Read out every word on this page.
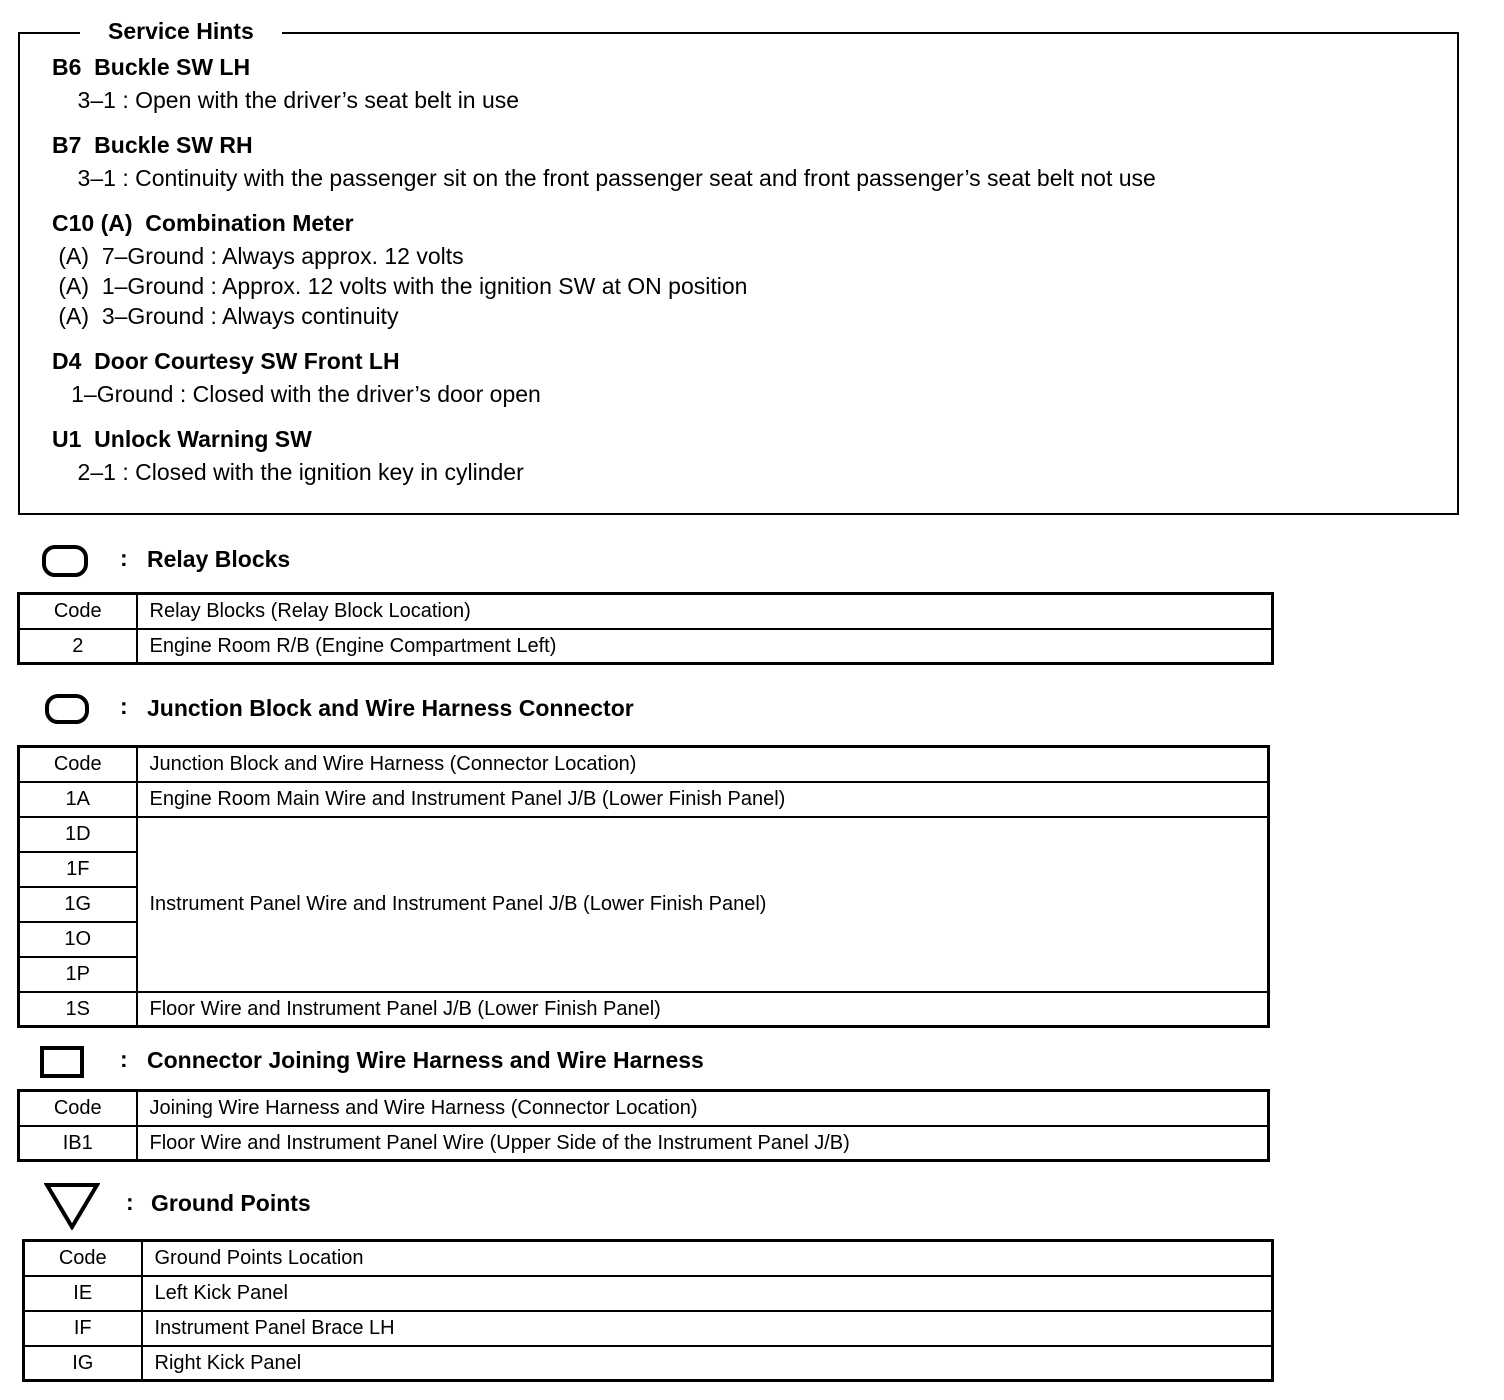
Service Hints
B6  Buckle SW LH
3–1 : Open with the driver’s seat belt in use
B7  Buckle SW RH
3–1 : Continuity with the passenger sit on the front passenger seat and front passenger’s seat belt not use
C10 (A)  Combination Meter
(A)  7–Ground : Always approx. 12 volts
(A)  1–Ground : Approx. 12 volts with the ignition SW at ON position
(A)  3–Ground : Always continuity
D4  Door Courtesy SW Front LH
1–Ground : Closed with the driver’s door open
U1  Unlock Warning SW
2–1 : Closed with the ignition key in cylinder
: Relay Blocks
Code	Relay Blocks (Relay Block Location)
2	Engine Room R/B (Engine Compartment Left)
: Junction Block and Wire Harness Connector
Code	Junction Block and Wire Harness (Connector Location)
1A	Engine Room Main Wire and Instrument Panel J/B (Lower Finish Panel)
1D	Instrument Panel Wire and Instrument Panel J/B (Lower Finish Panel)
1F	
1G	
1O	
1P	
1S	Floor Wire and Instrument Panel J/B (Lower Finish Panel)
: Connector Joining Wire Harness and Wire Harness
Code	Joining Wire Harness and Wire Harness (Connector Location)
IB1	Floor Wire and Instrument Panel Wire (Upper Side of the Instrument Panel J/B)
: Ground Points
Code	Ground Points Location
IE	Left Kick Panel
IF	Instrument Panel Brace LH
IG	Right Kick Panel
